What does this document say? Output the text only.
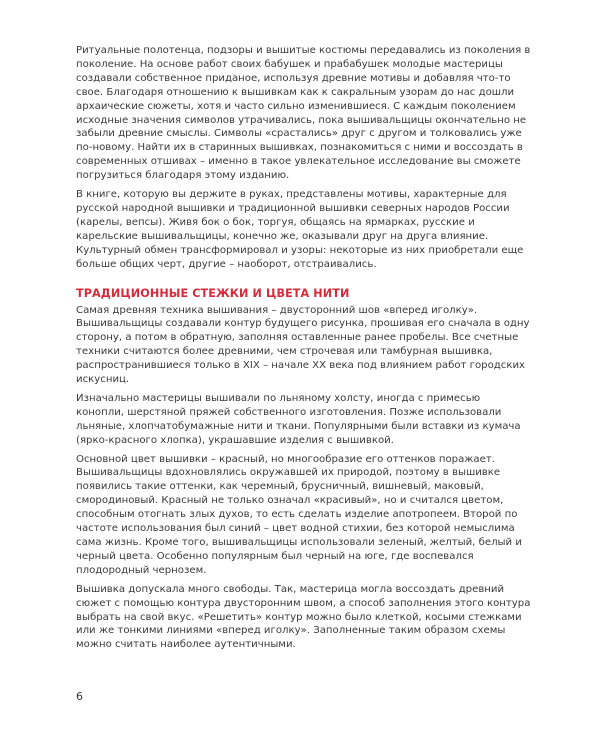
Ритуальные полотенца, подзоры и вышитые костюмы передавались из поколения в поколение. На основе работ своих бабушек и прабабушек молодые мастерицы создавали собственное приданое, используя древние мотивы и добавляя что-то свое. Благодаря отношению к вышивкам как к сакральным узорам до нас дошли архаические сюжеты, хотя и часто сильно изменившиеся. С каждым поколением исходные значения символов утрачивались, пока вышивальщицы окончательно не забыли древние смыслы. Символы «срастались» друг с другом и толковались уже по-новому. Найти их в старинных вышивках, познакомиться с ними и воссоздать в современных отшивах – именно в такое увлекательное исследование вы сможете погрузиться благодаря этому изданию.

В книге, которую вы держите в руках, представлены мотивы, характерные для русской народной вышивки и традиционной вышивки северных народов России (карелы, вепсы). Живя бок о бок, торгуя, общаясь на ярмарках, русские и карельские вышивальщицы, конечно же, оказывали друг на друга влияние. Культурный обмен трансформировал и узоры: некоторые из них приобретали еще больше общих черт, другие – наоборот, отстраивались.

ТРАДИЦИОННЫЕ СТЕЖКИ И ЦВЕТА НИТИ

Самая древняя техника вышивания – двусторонний шов «вперед иголку». Вышивальщицы создавали контур будущего рисунка, прошивая его сначала в одну сторону, а потом в обратную, заполняя оставленные ранее пробелы. Все счетные техники считаются более древними, чем строчевая или тамбурная вышивка, распространившиеся только в XIX – начале XX века под влиянием работ городских искусниц.

Изначально мастерицы вышивали по льняному холсту, иногда с примесью конопли, шерстяной пряжей собственного изготовления. Позже использовали льняные, хлопчатобумажные нити и ткани. Популярными были вставки из кумача (ярко-красного хлопка), украшавшие изделия с вышивкой.

Основной цвет вышивки – красный, но многообразие его оттенков поражает. Вышивальщицы вдохновлялись окружавшей их природой, поэтому в вышивке появились такие оттенки, как черемный, брусничный, вишневый, маковый, смородиновый. Красный не только означал «красивый», но и считался цветом, способным отогнать злых духов, то есть сделать изделие апотропеем. Второй по частоте использования был синий – цвет водной стихии, без которой немыслима сама жизнь. Кроме того, вышивальщицы использовали зеленый, желтый, белый и черный цвета. Особенно популярным был черный на юге, где воспевался плодородный чернозем.

Вышивка допускала много свободы. Так, мастерица могла воссоздать древний сюжет с помощью контура двусторонним швом, а способ заполнения этого контура выбрать на свой вкус. «Решетить» контур можно было клеткой, косыми стежками или же тонкими линиями «вперед иголку». Заполненные таким образом схемы можно считать наиболее аутентичными.

6
